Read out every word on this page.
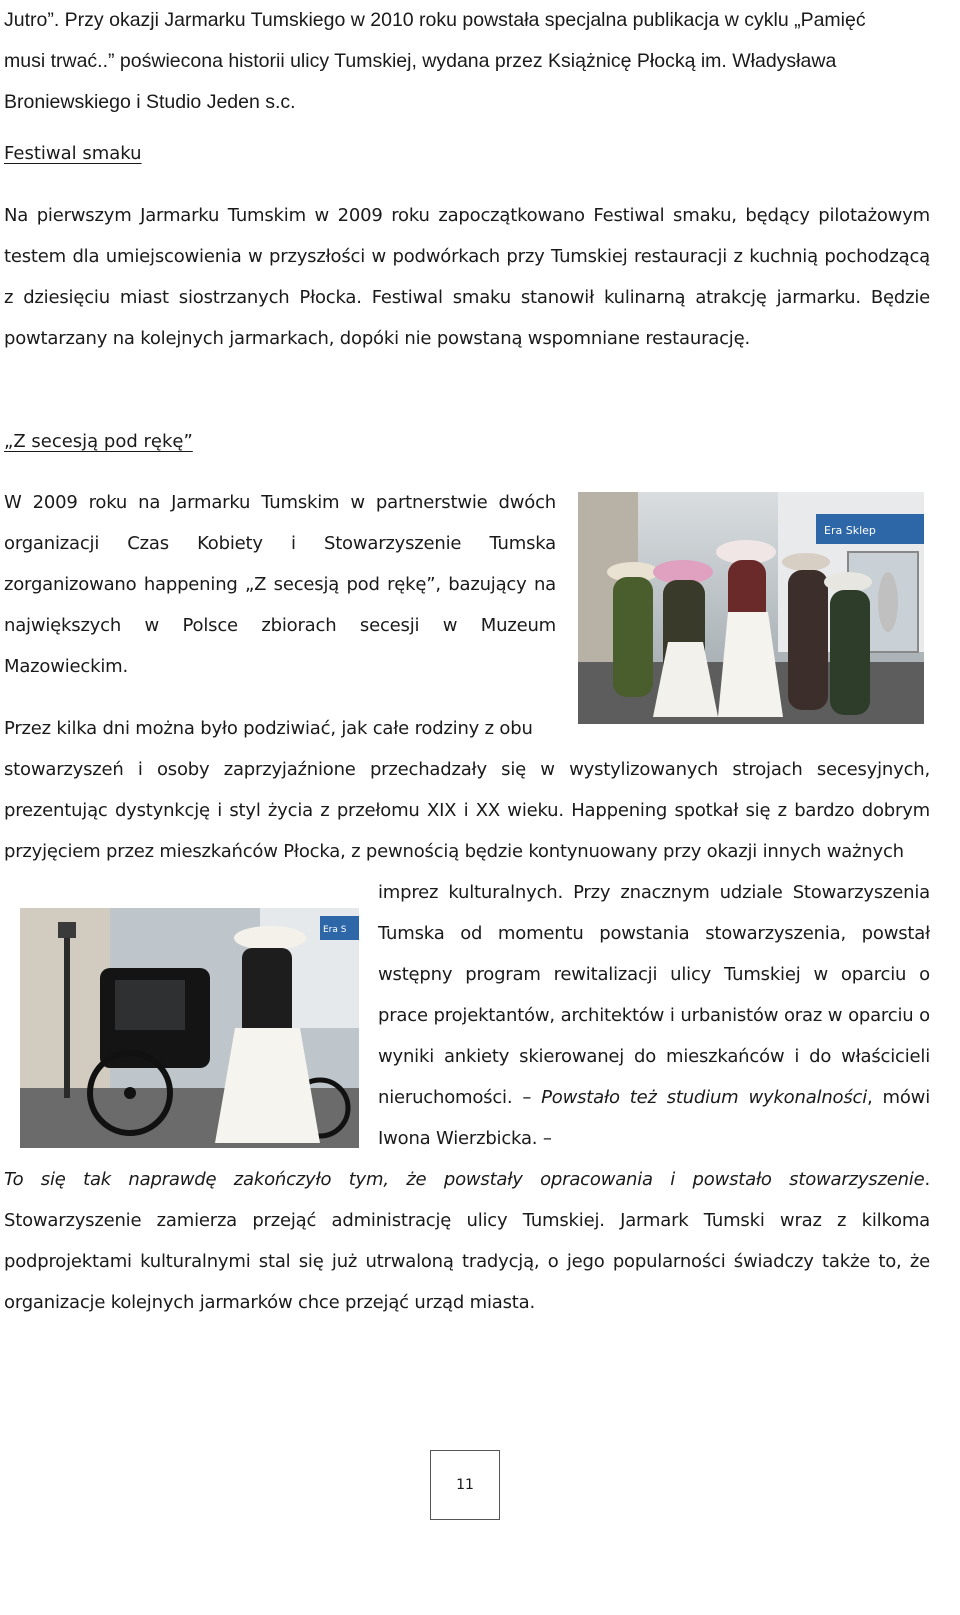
Jutro”. Przy okazji Jarmarku Tumskiego w 2010 roku powstała specjalna publikacja w cyklu „Pamięć
musi trwać..” poświecona historii ulicy Tumskiej, wydana przez Książnicę Płocką im. Władysława
Broniewskiego i Studio Jeden s.c.

Festiwal smaku

Na pierwszym Jarmarku Tumskim w 2009 roku zapoczątkowano Festiwal smaku, będący pilotażowym testem dla umiejscowienia w przyszłości w podwórkach przy Tumskiej restauracji z kuchnią pochodzącą z dziesięciu miast siostrzanych Płocka. Festiwal smaku stanowił kulinarną atrakcję jarmarku. Będzie powtarzany na kolejnych jarmarkach, dopóki nie powstaną wspomniane restaurację.

„Z secesją pod rękę”

W 2009 roku na Jarmarku Tumskim w partnerstwie dwóch organizacji Czas Kobiety i Stowarzyszenie Tumska zorganizowano happening „Z secesją pod rękę”, bazujący na największych w Polsce zbiorach secesji w Muzeum Mazowieckim.

Era Sklep

Przez kilka dni można było podziwiać, jak całe rodziny z obu

stowarzyszeń i osoby zaprzyjaźnione przechadzały się w wystylizowanych strojach secesyjnych, prezentując dystynkcję i styl życia z przełomu XIX i XX wieku. Happening spotkał się z bardzo dobrym przyjęciem przez mieszkańców Płocka, z pewnością będzie kontynuowany przy okazji innych ważnych

Era S

imprez kulturalnych. Przy znacznym udziale Stowarzyszenia Tumska od momentu powstania stowarzyszenia, powstał wstępny program rewitalizacji ulicy Tumskiej w oparciu o prace projektantów, architektów i urbanistów oraz w oparciu o wyniki ankiety skierowanej do mieszkańców i do właścicieli nieruchomości. – Powstało też studium wykonalności, mówi Iwona Wierzbicka. –

To się tak naprawdę zakończyło tym, że powstały opracowania i powstało stowarzyszenie. Stowarzyszenie zamierza przejąć administrację ulicy Tumskiej. Jarmark Tumski wraz z kilkoma podprojektami kulturalnymi stal się już utrwaloną tradycją, o jego popularności świadczy także to, że organizacje kolejnych jarmarków chce przejąć urząd miasta.

11
